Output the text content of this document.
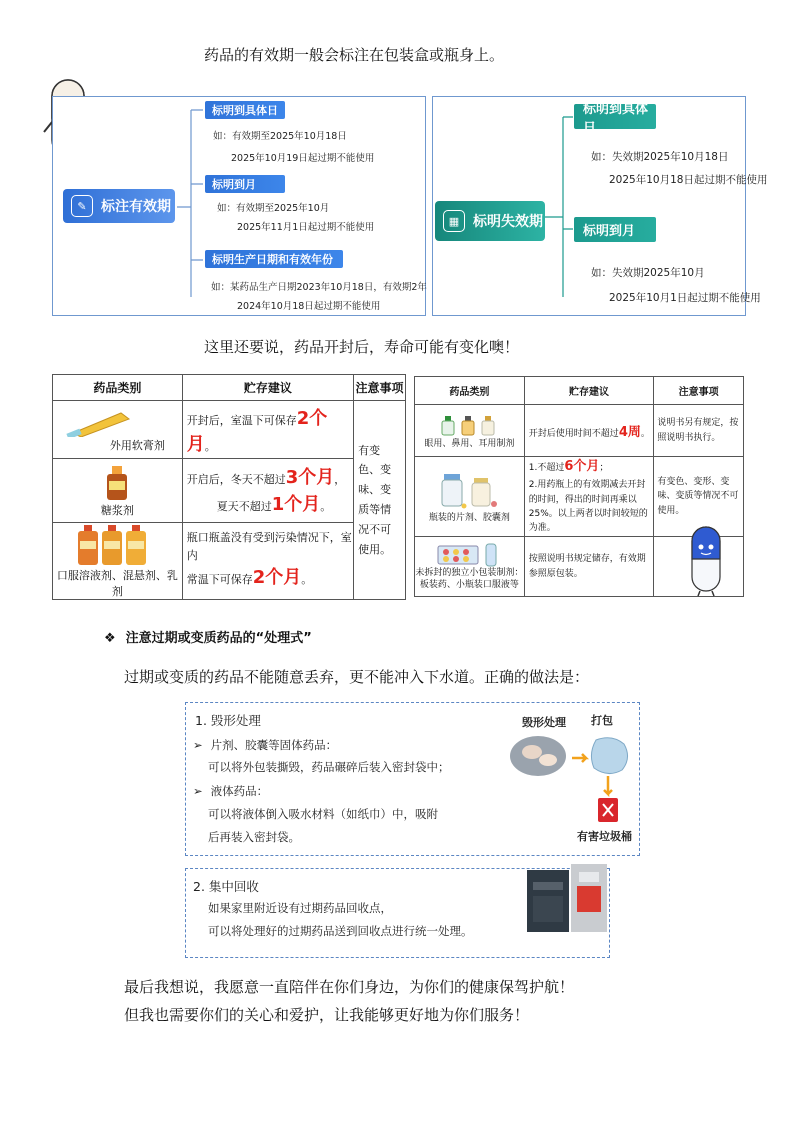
药品的有效期一般会标注在包装盒或瓶身上。
✎	标注有效期
标明到具体日
如：有效期至2025年10月18日
2025年10月19日起过期不能使用
标明到月
如：有效期至2025年10月
2025年11月1日起过期不能使用
标明生产日期和有效年份
如：某药品生产日期2023年10月18日，有效期2年
2024年10月18日起过期不能使用
▦ 标明失效期
标明到具体日
如：失效期2025年10月18日
2025年10月18日起过期不能使用
标明到月
如：失效期2025年10月
2025年10月1日起过期不能使用
这里还要说，药品开封后，寿命可能有变化噢！
药品类别	贮存建议	注意事项

外用软膏剂	开封后，室温下可保存2个月。	有变色、变味、变质等情况不可使用。

糖浆剂	开启后，冬天不超过3个月，
夏天不超过1个月。	

口服溶液剂、混悬剂、乳剂	瓶口瓶盖没有受到污染情况下，室内
常温下可保存2个月。	
药品类别	贮存建议	注意事项

眼用、鼻用、耳用制剂	开封后使用时间不超过4周。	说明书另有规定，按照说明书执行。

瓶装的片剂、胶囊剂	1.不超过6个月；
2.用药瓶上的有效期减去开封的时间，得出的时间再乘以25%。以上两者以时间较短的为准。	有变色、变形、变味、变质等情况不可使用。

未拆封的独立小包装制剂：板装药、小瓶装口服液等	按照说明书规定储存，有效期参照原包装。	
❖ 注意过期或变质药品的“处理式”
过期或变质的药品不能随意丢弃，更不能冲入下水道。正确的做法是：
1. 毁形处理
➢ 片剂、胶囊等固体药品：
可以将外包装撕毁，药品碾碎后装入密封袋中；
➢ 液体药品：
可以将液体倒入吸水材料（如纸巾）中，吸附
后再装入密封袋。
毁形处理 打包
有害垃圾桶
2. 集中回收
如果家里附近设有过期药品回收点，
可以将处理好的过期药品送到回收点进行统一处理。
最后我想说，我愿意一直陪伴在你们身边，为你们的健康保驾护航！
但我也需要你们的关心和爱护，让我能够更好地为你们服务！
